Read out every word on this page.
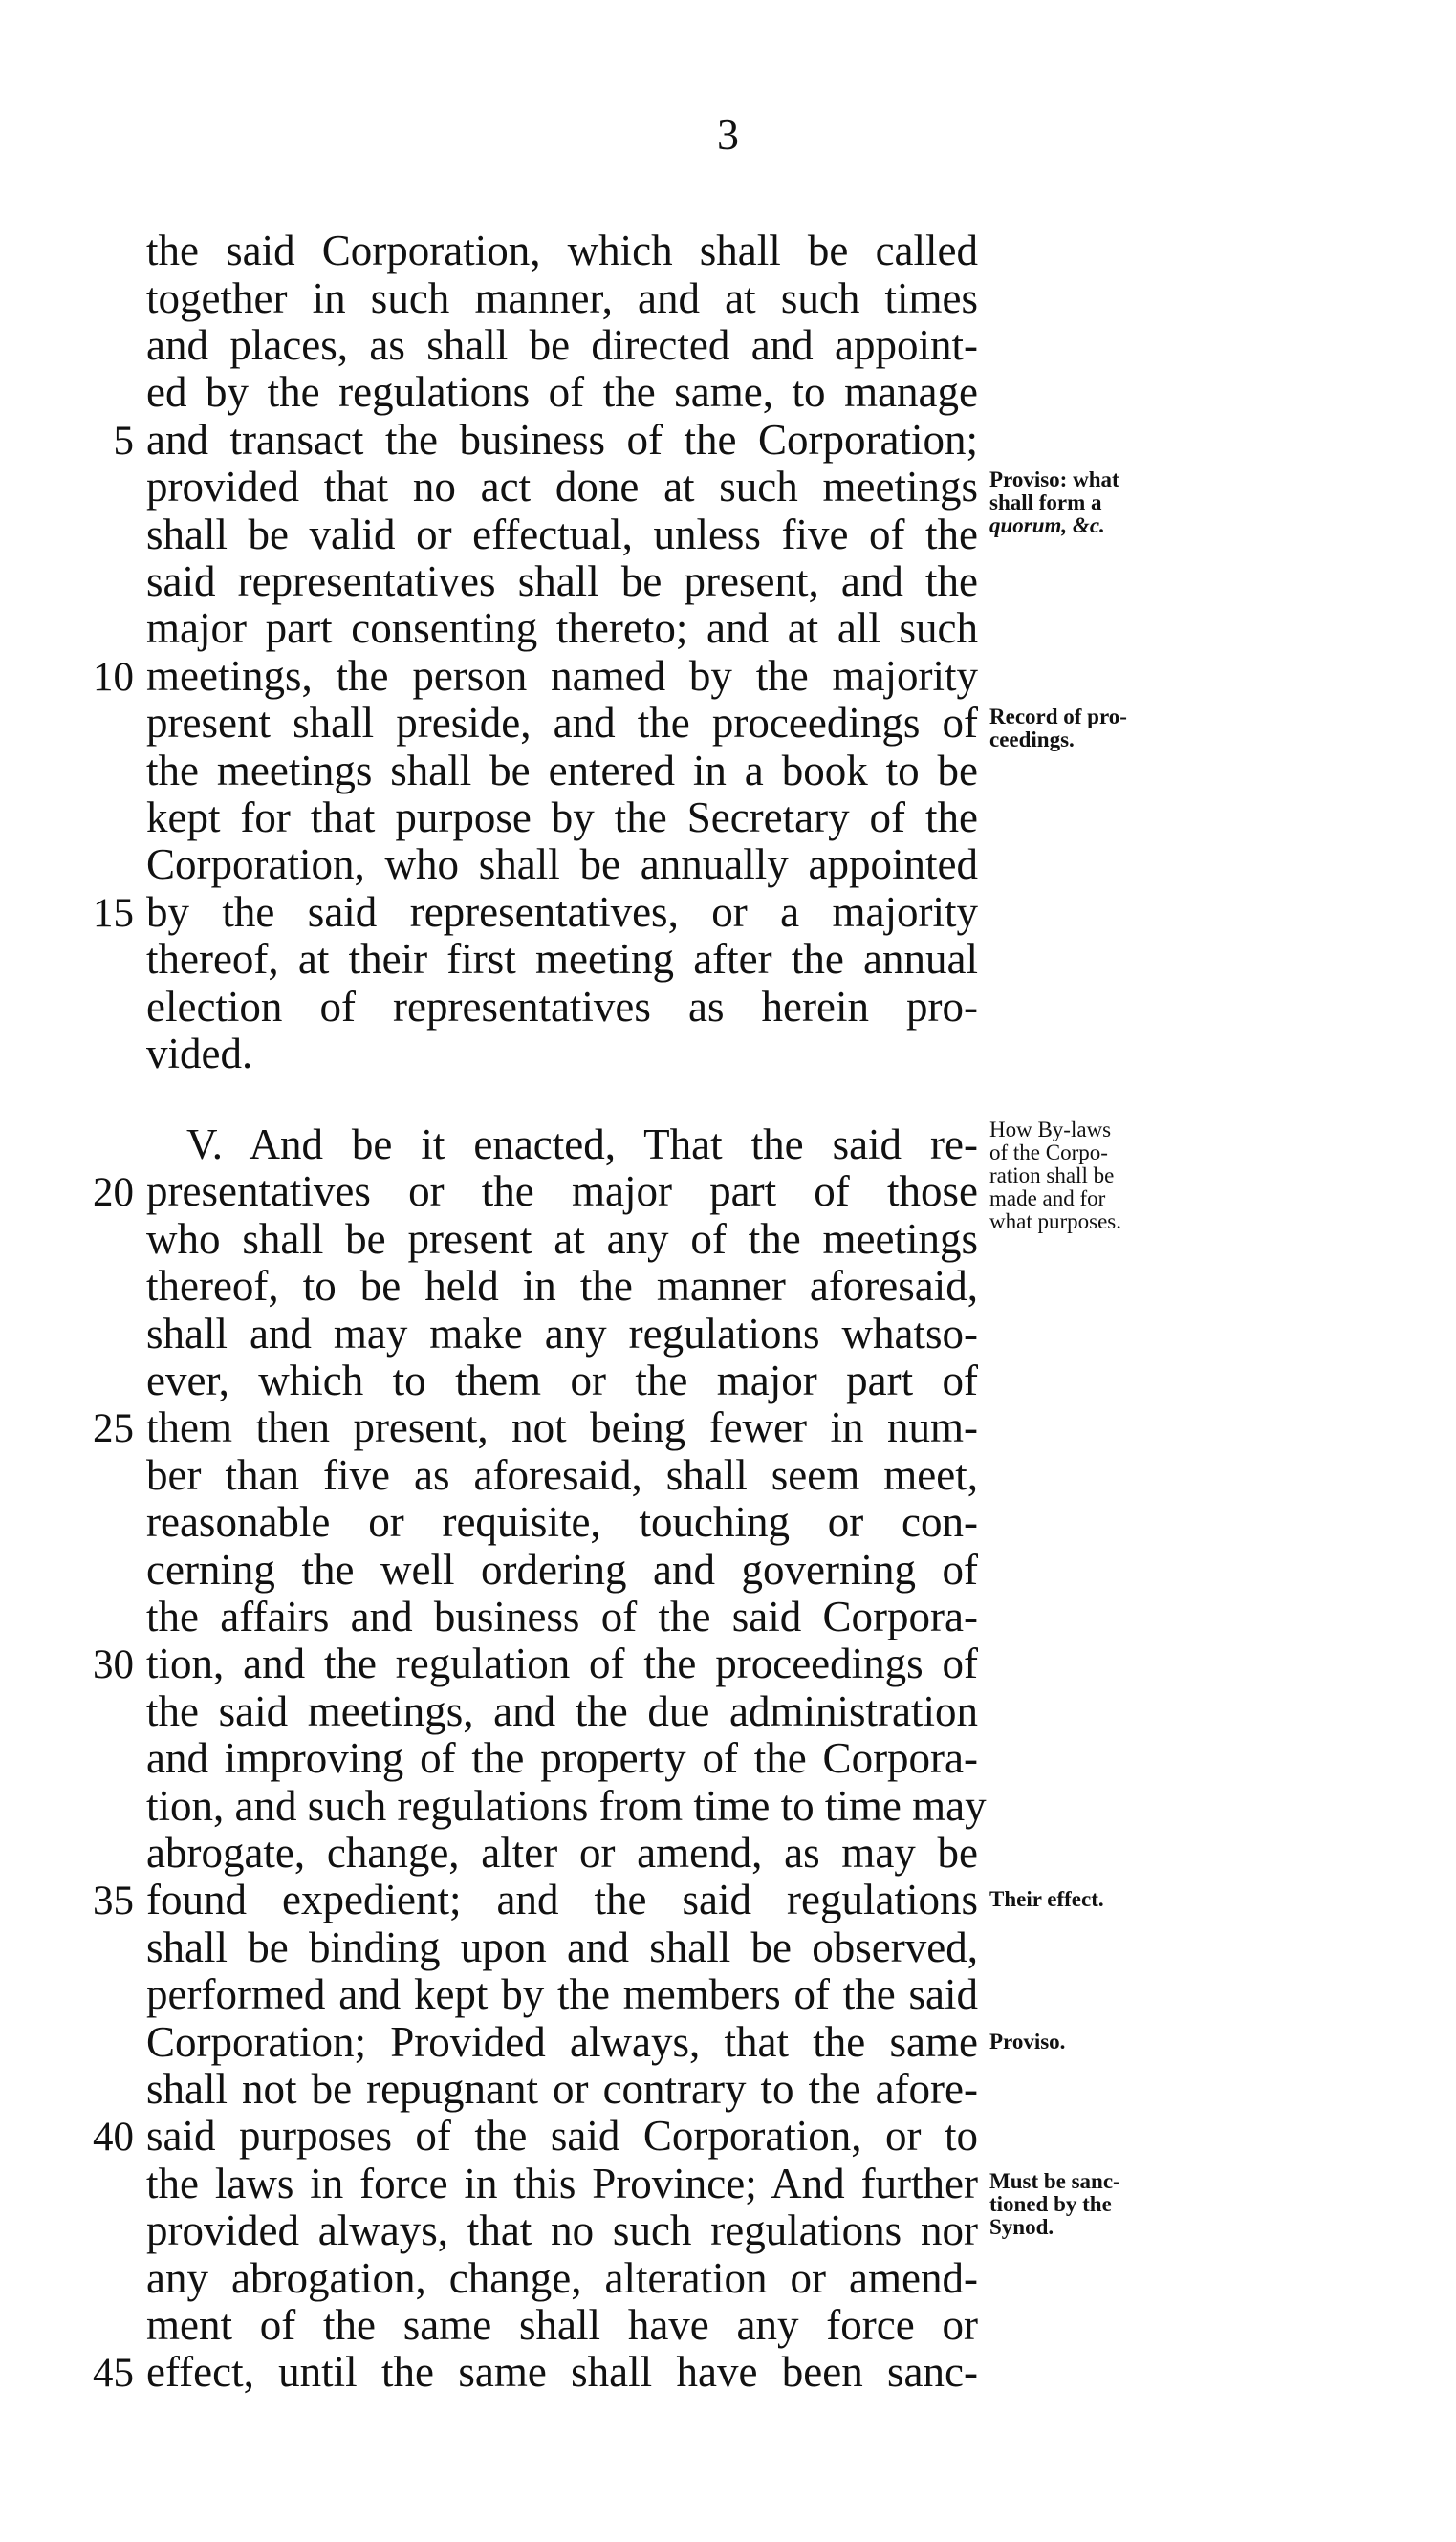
3
the said Corporation, which shall be called
together in such manner, and at such times
and places, as shall be directed and appoint-
ed by the regulations of the same, to manage
and transact the business of the Corporation;
provided that no act done at such meetings
shall be valid or effectual, unless five of the
said representatives shall be present, and the
major part consenting thereto; and at all such
meetings, the person named by the majority
present shall preside, and the proceedings of
the meetings shall be entered in a book to be
kept for that purpose by the Secretary of the
Corporation, who shall be annually appointed
by the said representatives, or a majority
thereof, at their first meeting after the annual
election of representatives as herein pro-
vided.
V. And be it enacted, That the said re-
presentatives or the major part of those
who shall be present at any of the meetings
thereof, to be held in the manner aforesaid,
shall and may make any regulations whatso-
ever, which to them or the major part of
them then present, not being fewer in num-
ber than five as aforesaid, shall seem meet,
reasonable or requisite, touching or con-
cerning the well ordering and governing of
the affairs and business of the said Corpora-
tion, and the regulation of the proceedings of
the said meetings, and the due administration
and improving of the property of the Corpora-
tion, and such regulations from time to time may
abrogate, change, alter or amend, as may be
found expedient; and the said regulations
shall be binding upon and shall be observed,
performed and kept by the members of the said
Corporation; Provided always, that the same
shall not be repugnant or contrary to the afore-
said purposes of the said Corporation, or to
the laws in force in this Province; And further
provided always, that no such regulations nor
any abrogation, change, alteration or amend-
ment of the same shall have any force or
effect, until the same shall have been sanc-
5
10
15
20
25
30
35
40
45
Proviso: what
shall form a
quorum, &c.
Record of pro-
ceedings.
How By-laws
of the Corpo-
ration shall be
made and for
what purposes.
Their effect.
Proviso.
Must be sanc-
tioned by the
Synod.
